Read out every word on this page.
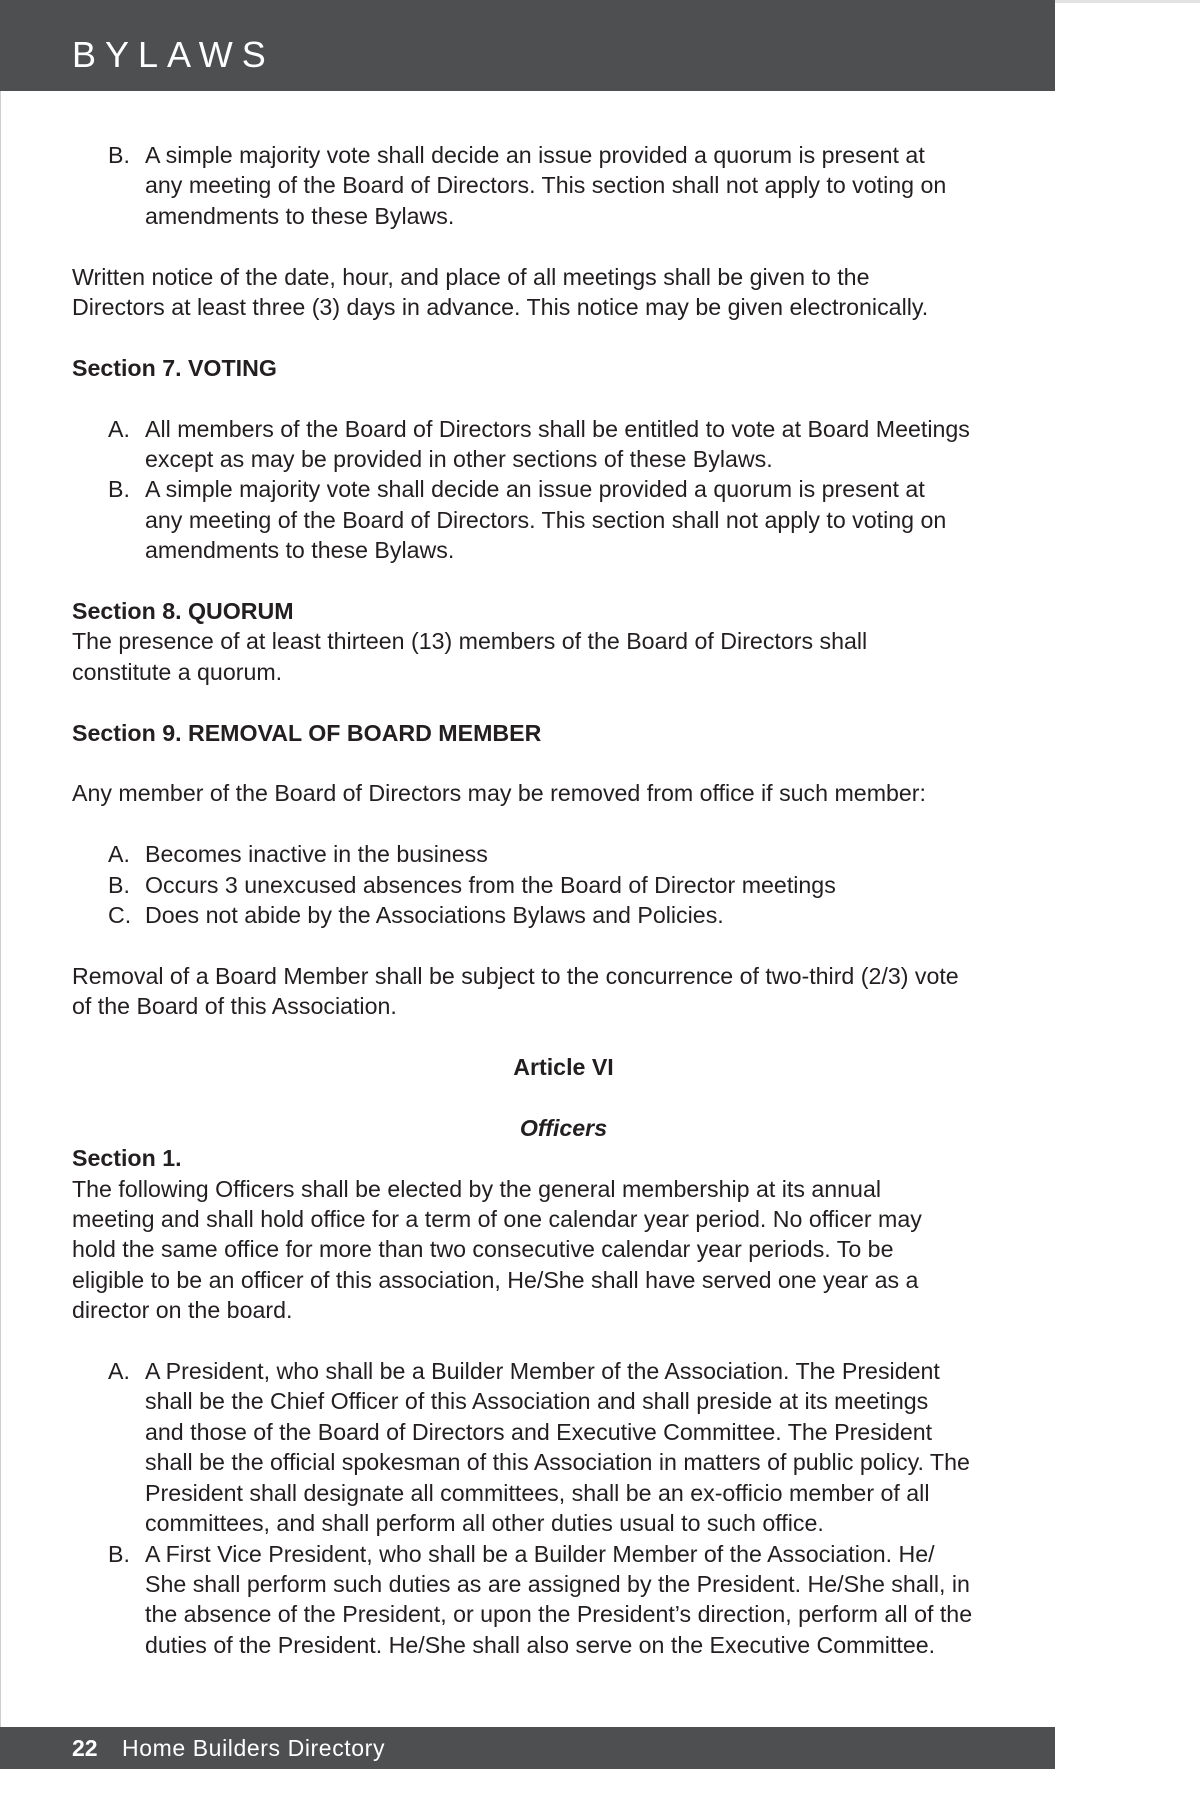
BYLAWS
B. A simple majority vote shall decide an issue provided a quorum is present at

any meeting of the Board of Directors. This section shall not apply to voting on

amendments to these Bylaws.

Written notice of the date, hour, and place of all meetings shall be given to the

Directors at least three (3) days in advance. This notice may be given electronically.

Section 7. VOTING

A. All members of the Board of Directors shall be entitled to vote at Board Meetings

except as may be provided in other sections of these Bylaws.

B. A simple majority vote shall decide an issue provided a quorum is present at

any meeting of the Board of Directors. This section shall not apply to voting on

amendments to these Bylaws.

Section 8. QUORUM

The presence of at least thirteen (13) members of the Board of Directors shall

constitute a quorum.

Section 9. REMOVAL OF BOARD MEMBER

Any member of the Board of Directors may be removed from office if such member:

A. Becomes inactive in the business

B. Occurs 3 unexcused absences from the Board of Director meetings

C. Does not abide by the Associations Bylaws and Policies.

Removal of a Board Member shall be subject to the concurrence of two-third (2/3) vote

of the Board of this Association.

Article VI

Officers

Section 1.

The following Officers shall be elected by the general membership at its annual

meeting and shall hold office for a term of one calendar year period. No officer may

hold the same office for more than two consecutive calendar year periods. To be

eligible to be an officer of this association, He/She shall have served one year as a

director on the board.

A. A President, who shall be a Builder Member of the Association. The President

shall be the Chief Officer of this Association and shall preside at its meetings

and those of the Board of Directors and Executive Committee. The President

shall be the official spokesman of this Association in matters of public policy. The

President shall designate all committees, shall be an ex-officio member of all

committees, and shall perform all other duties usual to such office.

B. A First Vice President, who shall be a Builder Member of the Association. He/

She shall perform such duties as are assigned by the President. He/She shall, in

the absence of the President, or upon the President’s direction, perform all of the

duties of the President. He/She shall also serve on the Executive Committee.

22 Home Builders Directory
